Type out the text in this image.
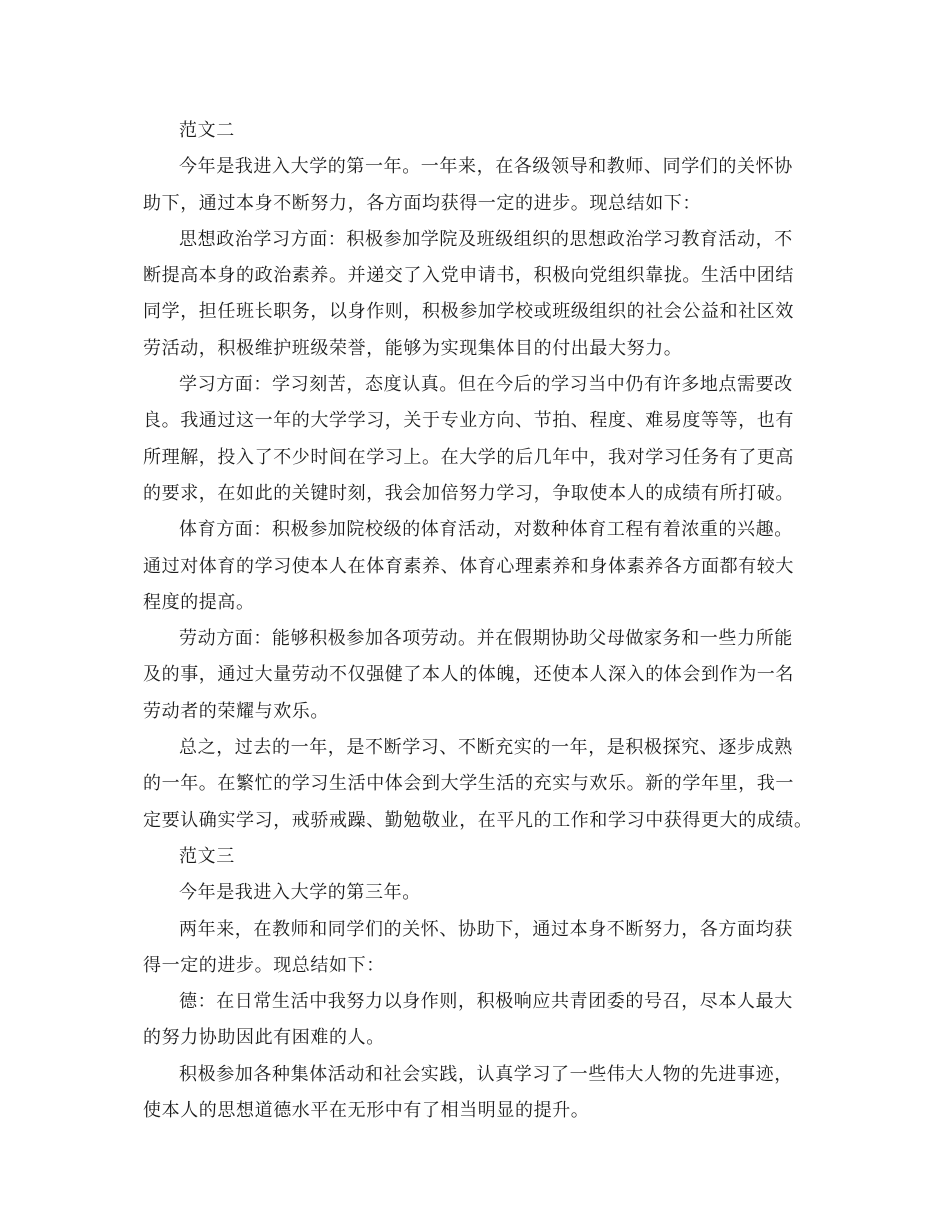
范文二

今年是我进入大学的第一年。一年来，在各级领导和教师、同学们的关怀协
助下，通过本身不断努力，各方面均获得一定的进步。现总结如下：

思想政治学习方面：积极参加学院及班级组织的思想政治学习教育活动，不
断提高本身的政治素养。并递交了入党申请书，积极向党组织靠拢。生活中团结
同学，担任班长职务，以身作则，积极参加学校或班级组织的社会公益和社区效
劳活动，积极维护班级荣誉，能够为实现集体目的付出最大努力。

学习方面：学习刻苦，态度认真。但在今后的学习当中仍有许多地点需要改
良。我通过这一年的大学学习，关于专业方向、节拍、程度、难易度等等，也有
所理解，投入了不少时间在学习上。在大学的后几年中，我对学习任务有了更高
的要求，在如此的关键时刻，我会加倍努力学习，争取使本人的成绩有所打破。

体育方面：积极参加院校级的体育活动，对数种体育工程有着浓重的兴趣。
通过对体育的学习使本人在体育素养、体育心理素养和身体素养各方面都有较大
程度的提高。

劳动方面：能够积极参加各项劳动。并在假期协助父母做家务和一些力所能
及的事，通过大量劳动不仅强健了本人的体魄，还使本人深入的体会到作为一名
劳动者的荣耀与欢乐。

总之，过去的一年，是不断学习、不断充实的一年，是积极探究、逐步成熟
的一年。在繁忙的学习生活中体会到大学生活的充实与欢乐。新的学年里，我一
定要认确实学习，戒骄戒躁、勤勉敬业，在平凡的工作和学习中获得更大的成绩。

范文三

今年是我进入大学的第三年。

两年来，在教师和同学们的关怀、协助下，通过本身不断努力，各方面均获
得一定的进步。现总结如下：

德：在日常生活中我努力以身作则，积极响应共青团委的号召，尽本人最大
的努力协助因此有困难的人。

积极参加各种集体活动和社会实践，认真学习了一些伟大人物的先进事迹，
使本人的思想道德水平在无形中有了相当明显的提升。
